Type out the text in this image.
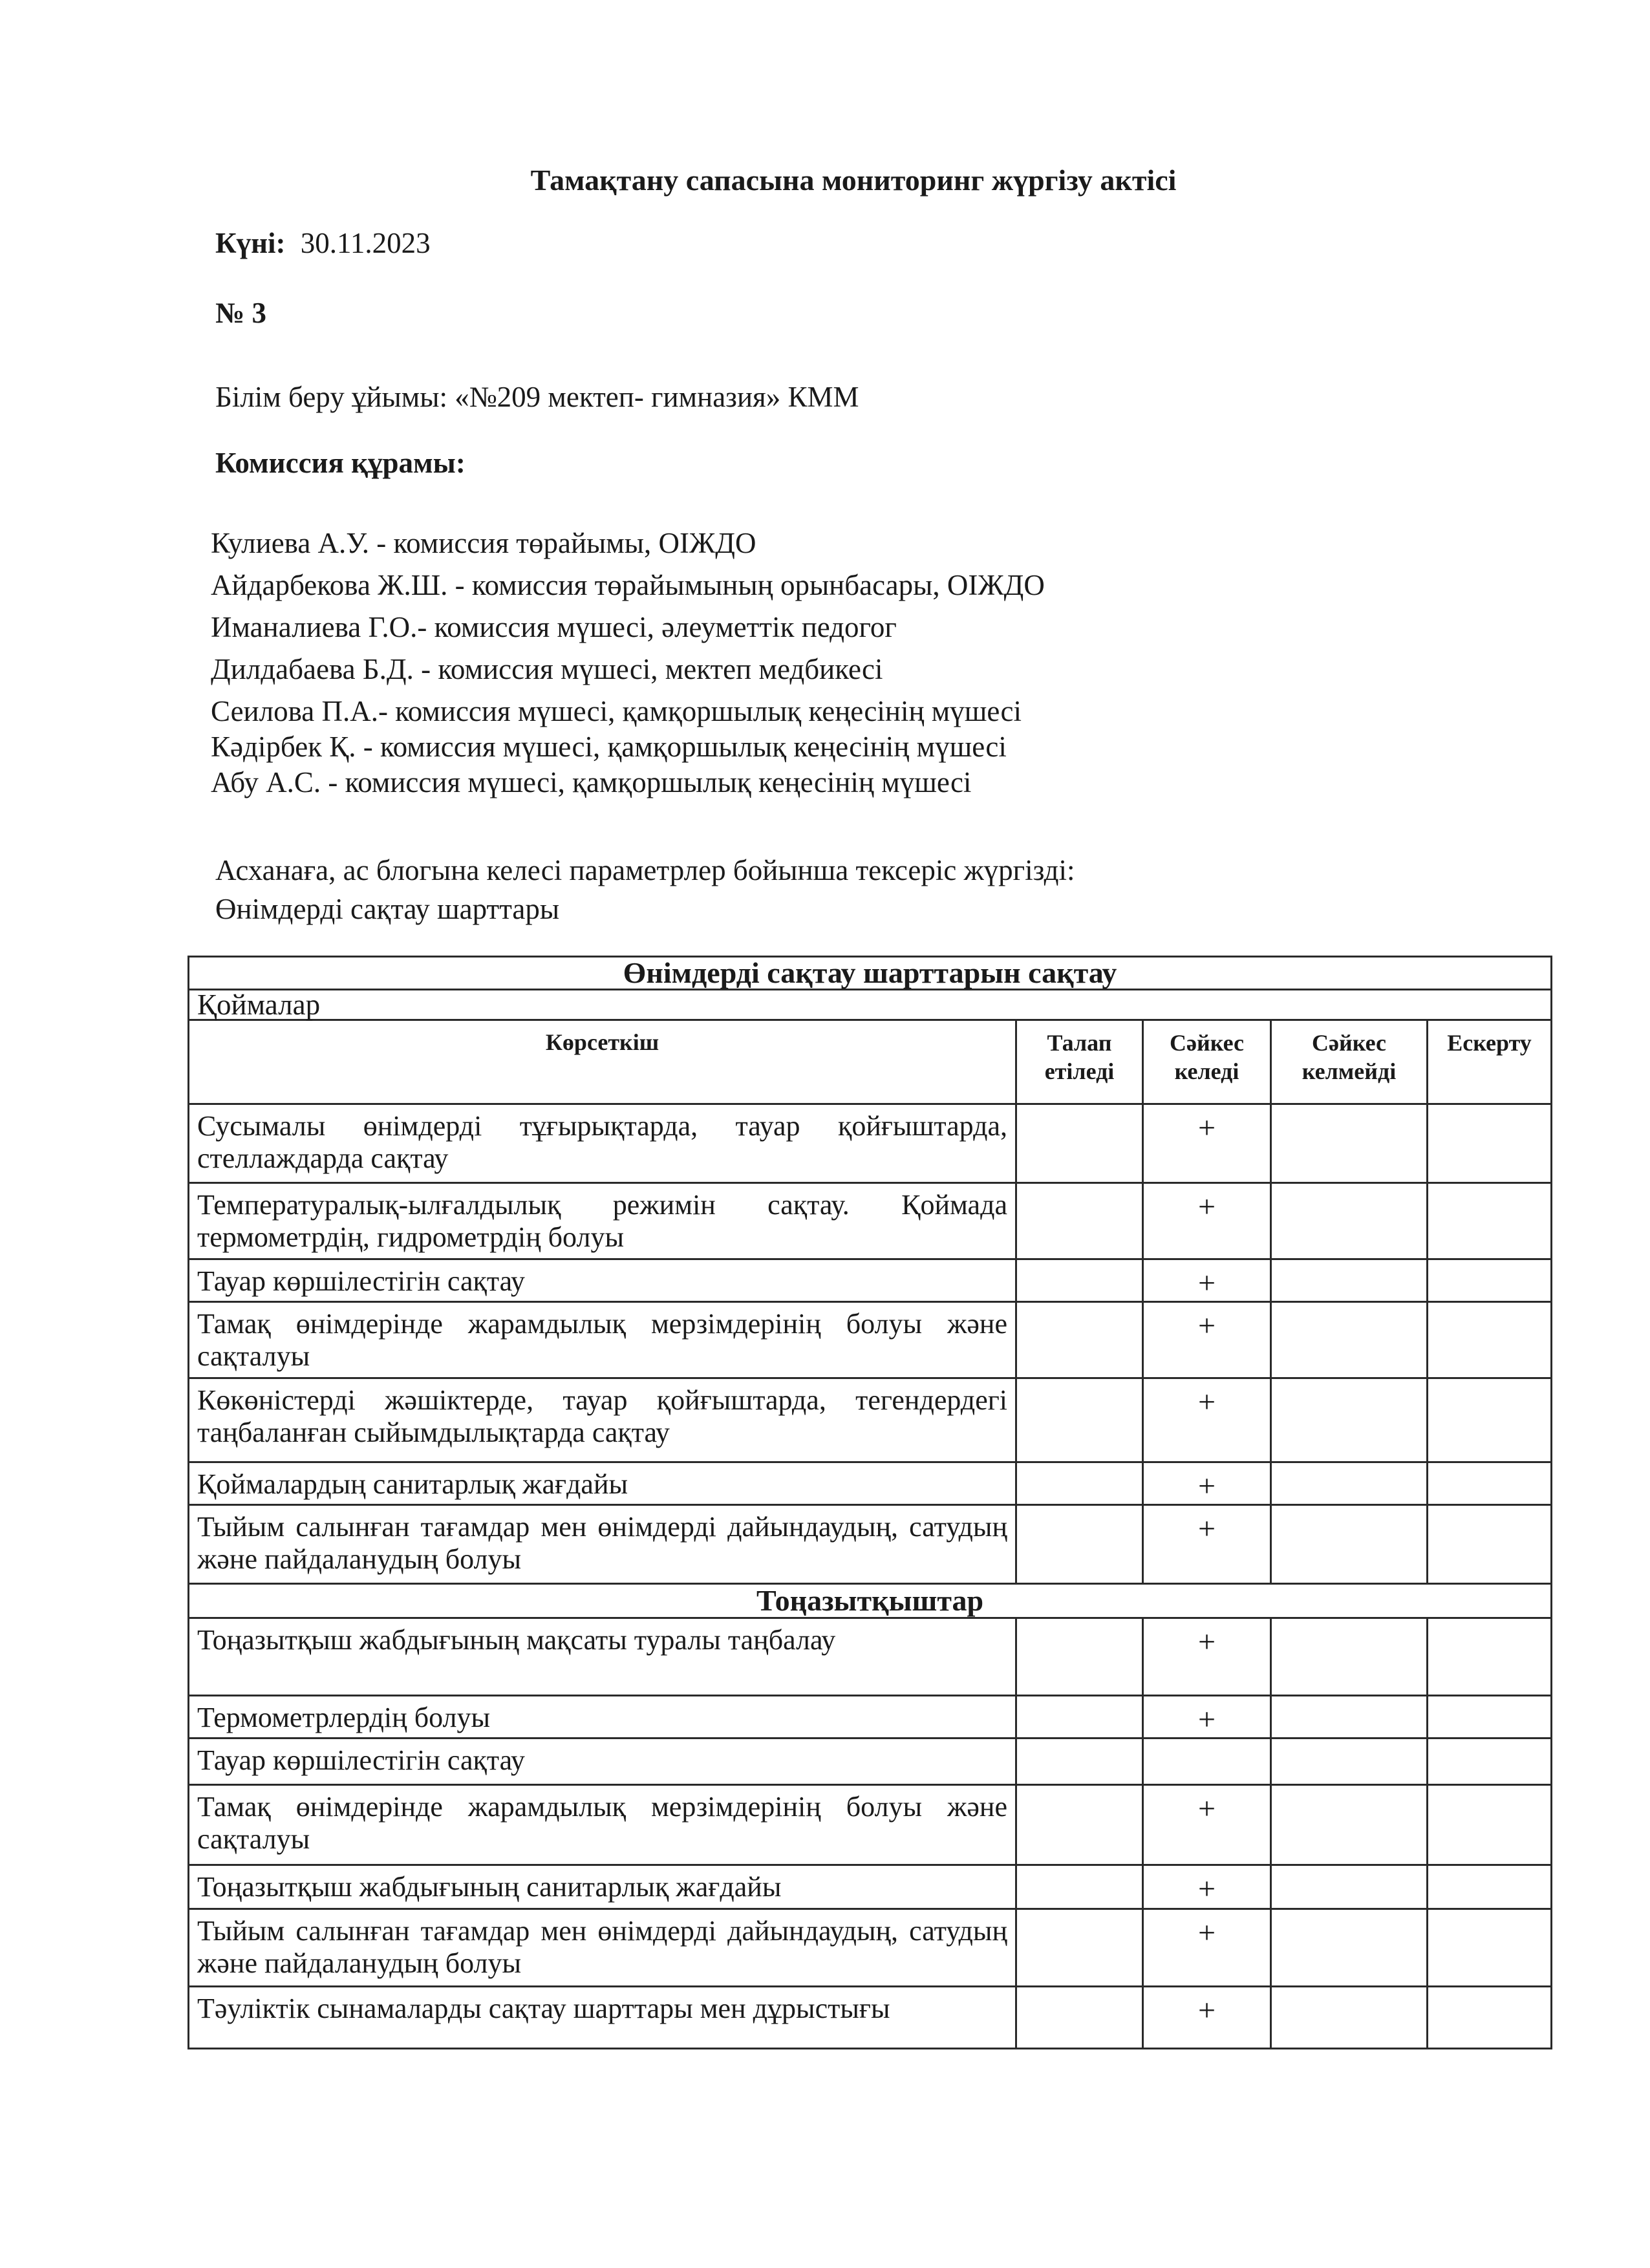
Тамақтану сапасына мониторинг жүргізу актісі
Күні: 30.11.2023
№ 3
Білім беру ұйымы: «№209 мектеп- гимназия» КММ
Комиссия құрамы:
Кулиева А.У. - комиссия төрайымы, ОІЖДО
Айдарбекова Ж.Ш. - комиссия төрайымының орынбасары, ОІЖДО
Иманалиева Г.О.- комиссия мүшесі, әлеуметтік педогог
Дилдабаева Б.Д. - комиссия мүшесі, мектеп медбикесі
Сеилова П.А.- комиссия мүшесі, қамқоршылық кеңесінің мүшесі
Кәдірбек Қ. - комиссия мүшесі, қамқоршылық кеңесінің мүшесі
Абу А.С. - комиссия мүшесі, қамқоршылық кеңесінің мүшесі
Асханаға, ас блогына келесі параметрлер бойынша тексеріс жүргізді:
Өнімдерді сақтау шарттары
Өнімдерді сақтау шарттарын сақтау				
Қоймалар				
Көрсеткіш	Талап етіледі	Сәйкес келеді	Сәйкес келмейді	Ескерту
Сусымалы өнімдерді тұғырықтарда, тауар қойғыштарда, стеллаждарда сақтау		+		
Температуралық-ылғалдылық режимін сақтау. Қоймада термометрдің, гидрометрдің болуы		+		
Тауар көршілестігін сақтау		+		
Тамақ өнімдерінде жарамдылық мерзімдерінің болуы және сақталуы		+		
Көкөністерді жәшіктерде, тауар қойғыштарда, тегендердегі таңбаланған сыйымдылықтарда сақтау		+		
Қоймалардың санитарлық жағдайы		+		
Тыйым салынған тағамдар мен өнімдерді дайындаудың, сатудың және пайдаланудың болуы		+		
Тоңазытқыштар				
Тоңазытқыш жабдығының мақсаты туралы таңбалау		+		
Термометрлердің болуы		+		
Тауар көршілестігін сақтау				
Тамақ өнімдерінде жарамдылық мерзімдерінің болуы және сақталуы		+		
Тоңазытқыш жабдығының санитарлық жағдайы		+		
Тыйым салынған тағамдар мен өнімдерді дайындаудың, сатудың және пайдаланудың болуы		+		
Тәуліктік сынамаларды сақтау шарттары мен дұрыстығы		+		
